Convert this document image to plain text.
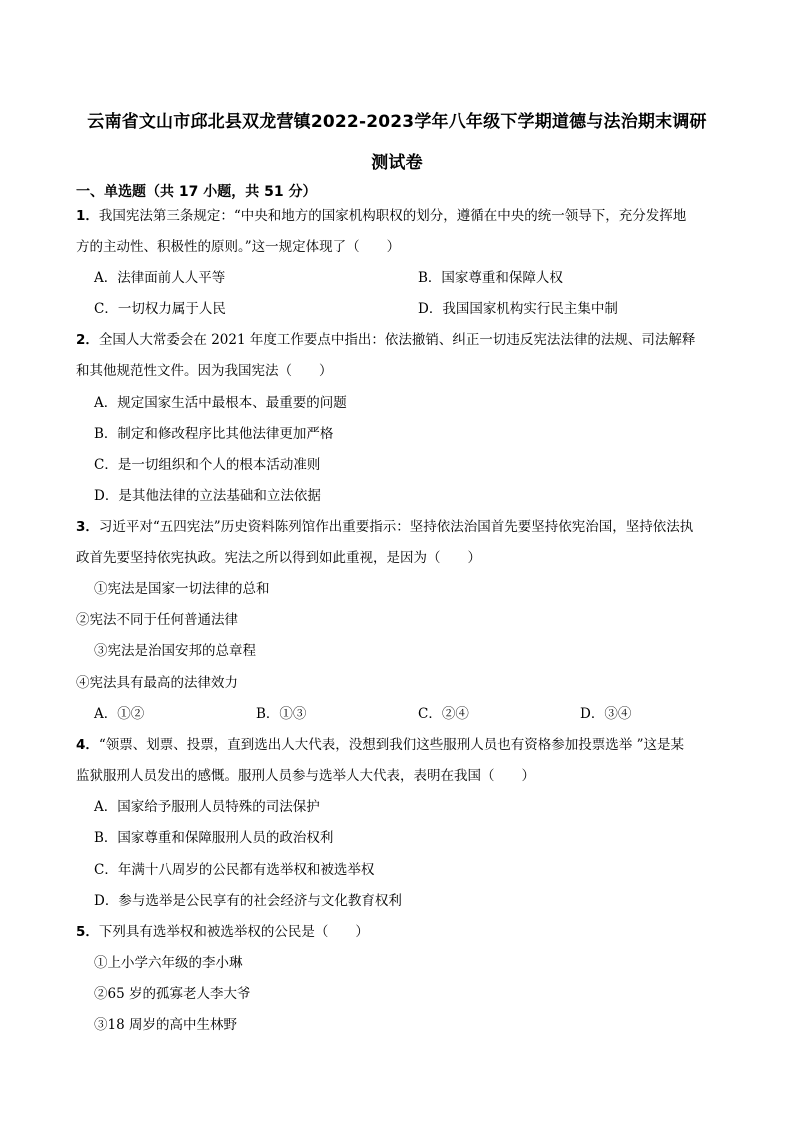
云南省文山市邱北县双龙营镇2022-2023学年八年级下学期道德与法治期末调研
测试卷
一、单选题（共 17 小题，共 51 分）
1．我国宪法第三条规定：“中央和地方的国家机构职权的划分，遵循在中央的统一领导下，充分发挥地
方的主动性、积极性的原则。”这一规定体现了（　　）
A．法律面前人人平等	B．国家尊重和保障人权
C．一切权力属于人民	D．我国国家机构实行民主集中制
2．全国人大常委会在 2021 年度工作要点中指出：依法撤销、纠正一切违反宪法法律的法规、司法解释
和其他规范性文件。因为我国宪法（　　）
A．规定国家生活中最根本、最重要的问题
B．制定和修改程序比其他法律更加严格
C．是一切组织和个人的根本活动准则
D．是其他法律的立法基础和立法依据
3．习近平对“五四宪法”历史资料陈列馆作出重要指示：坚持依法治国首先要坚持依宪治国，坚持依法执
政首先要坚持依宪执政。宪法之所以得到如此重视，是因为（　　）
①宪法是国家一切法律的总和
②宪法不同于任何普通法律
③宪法是治国安邦的总章程
④宪法具有最高的法律效力
A．①②	B．①③	C．②④	D．③④
4．“领票、划票、投票，直到选出人大代表，没想到我们这些服刑人员也有资格参加投票选举 ”这是某
监狱服刑人员发出的感慨。服刑人员参与选举人大代表，表明在我国（　　）
A．国家给予服刑人员特殊的司法保护
B．国家尊重和保障服刑人员的政治权利
C．年满十八周岁的公民都有选举权和被选举权
D．参与选举是公民享有的社会经济与文化教育权利
5．下列具有选举权和被选举权的公民是（　　）
①上小学六年级的李小琳
②65 岁的孤寡老人李大爷
③18 周岁的高中生林野
